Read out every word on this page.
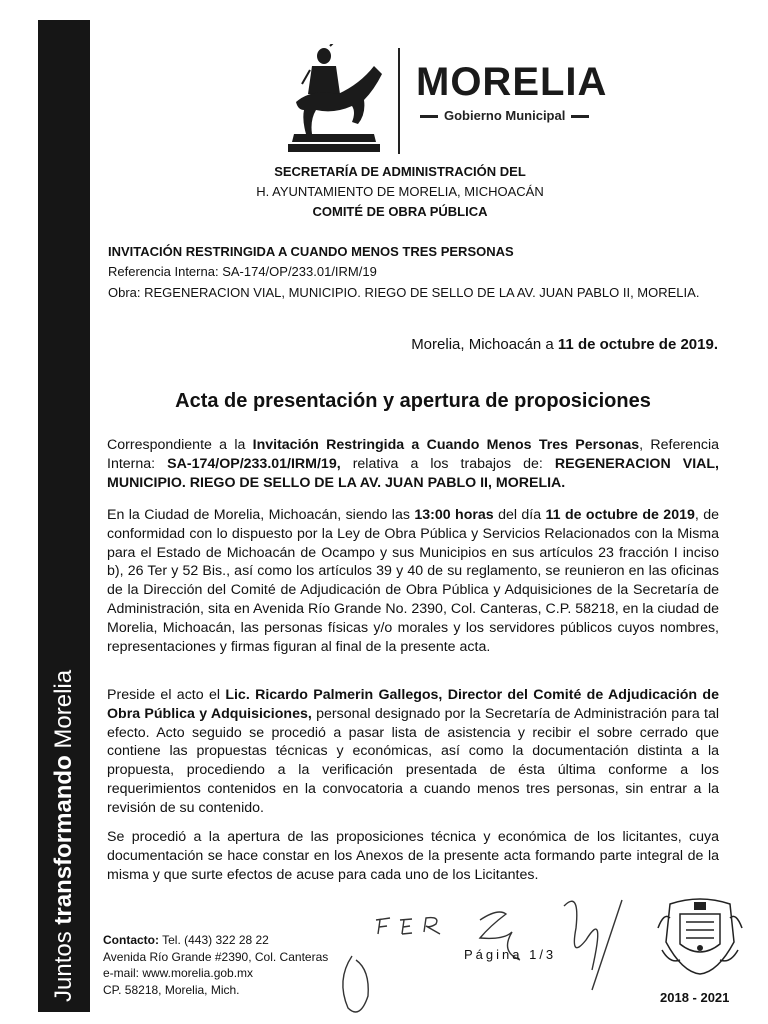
Juntos transformando Morelia
MORELIA
Gobierno Municipal
SECRETARÍA DE ADMINISTRACIÓN DEL
H. AYUNTAMIENTO DE MORELIA, MICHOACÁN
COMITÉ DE OBRA PÚBLICA
INVITACIÓN RESTRINGIDA A CUANDO MENOS TRES PERSONAS
Referencia Interna: SA-174/OP/233.01/IRM/19
Obra: REGENERACION VIAL, MUNICIPIO. RIEGO DE SELLO DE LA AV. JUAN PABLO II, MORELIA.
Morelia, Michoacán a 11 de octubre de 2019.
Acta de presentación y apertura de proposiciones

Correspondiente a la Invitación Restringida a Cuando Menos Tres Personas, Referencia Interna: SA-174/OP/233.01/IRM/19, relativa a los trabajos de: REGENERACION VIAL, MUNICIPIO. RIEGO DE SELLO DE LA AV. JUAN PABLO II, MORELIA.

En la Ciudad de Morelia, Michoacán, siendo las 13:00 horas del día 11 de octubre de 2019, de conformidad con lo dispuesto por la Ley de Obra Pública y Servicios Relacionados con la Misma para el Estado de Michoacán de Ocampo y sus Municipios en sus artículos 23 fracción I inciso b), 26 Ter y 52 Bis., así como los artículos 39 y 40 de su reglamento, se reunieron en las oficinas de la Dirección del Comité de Adjudicación de Obra Pública y Adquisiciones de la Secretaría de Administración, sita en Avenida Río Grande No. 2390, Col. Canteras, C.P. 58218, en la ciudad de Morelia, Michoacán, las personas físicas y/o morales y los servidores públicos cuyos nombres, representaciones y firmas figuran al final de la presente acta.

Preside el acto el Lic. Ricardo Palmerin Gallegos, Director del Comité de Adjudicación de Obra Pública y Adquisiciones, personal designado por la Secretaría de Administración para tal efecto. Acto seguido se procedió a pasar lista de asistencia y recibir el sobre cerrado que contiene las propuestas técnicas y económicas, así como la documentación distinta a la propuesta, procediendo a la verificación presentada de ésta última conforme a los requerimientos contenidos en la convocatoria a cuando menos tres personas, sin entrar a la revisión de su contenido.

Se procedió a la apertura de las proposiciones técnica y económica de los licitantes, cuya documentación se hace constar en los Anexos de la presente acta formando parte integral de la misma y que surte efectos de acuse para cada uno de los Licitantes.

Contacto: Tel. (443) 322 28 22
Avenida Río Grande #2390, Col. Canteras
e-mail: www.morelia.gob.mx
CP. 58218, Morelia, Mich.
Página 1/3
2018 - 2021
